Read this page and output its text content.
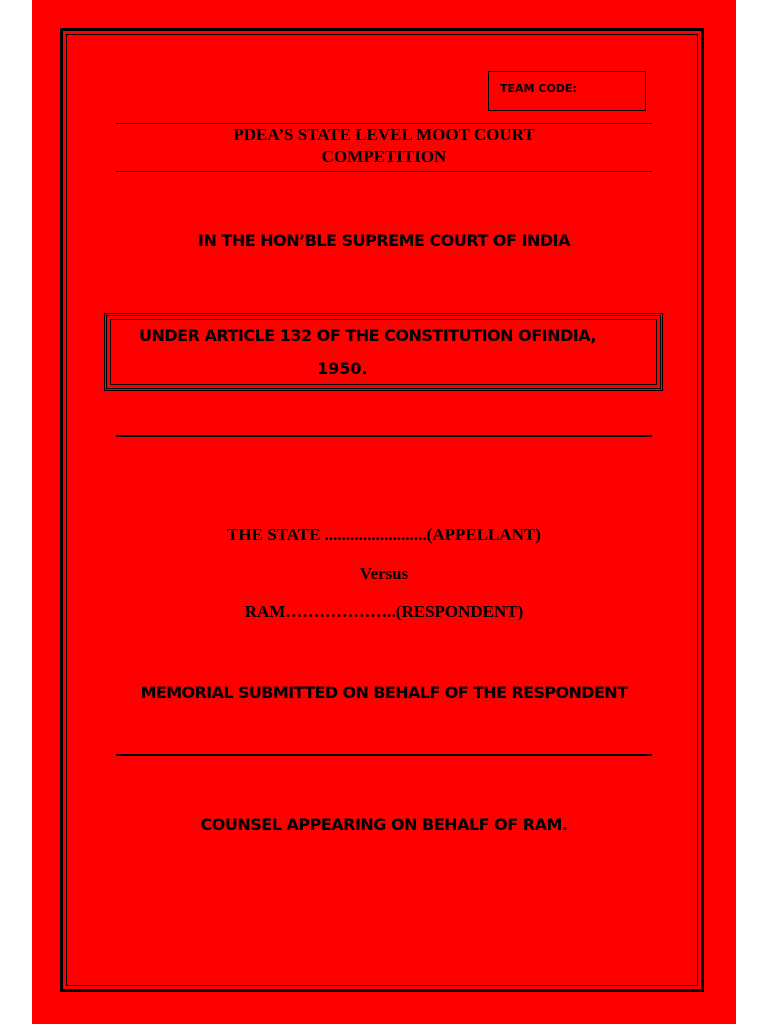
TEAM CODE:
PDEA’S STATE LEVEL MOOT COURT
COMPETITION
IN THE HON’BLE SUPREME COURT OF INDIA
UNDER ARTICLE 132 OF THE CONSTITUTION OFINDIA,
1950.
THE STATE ........................(APPELLANT)
Versus
RAM………………..(RESPONDENT)
MEMORIAL SUBMITTED ON BEHALF OF THE RESPONDENT
COUNSEL APPEARING ON BEHALF OF RAM.
